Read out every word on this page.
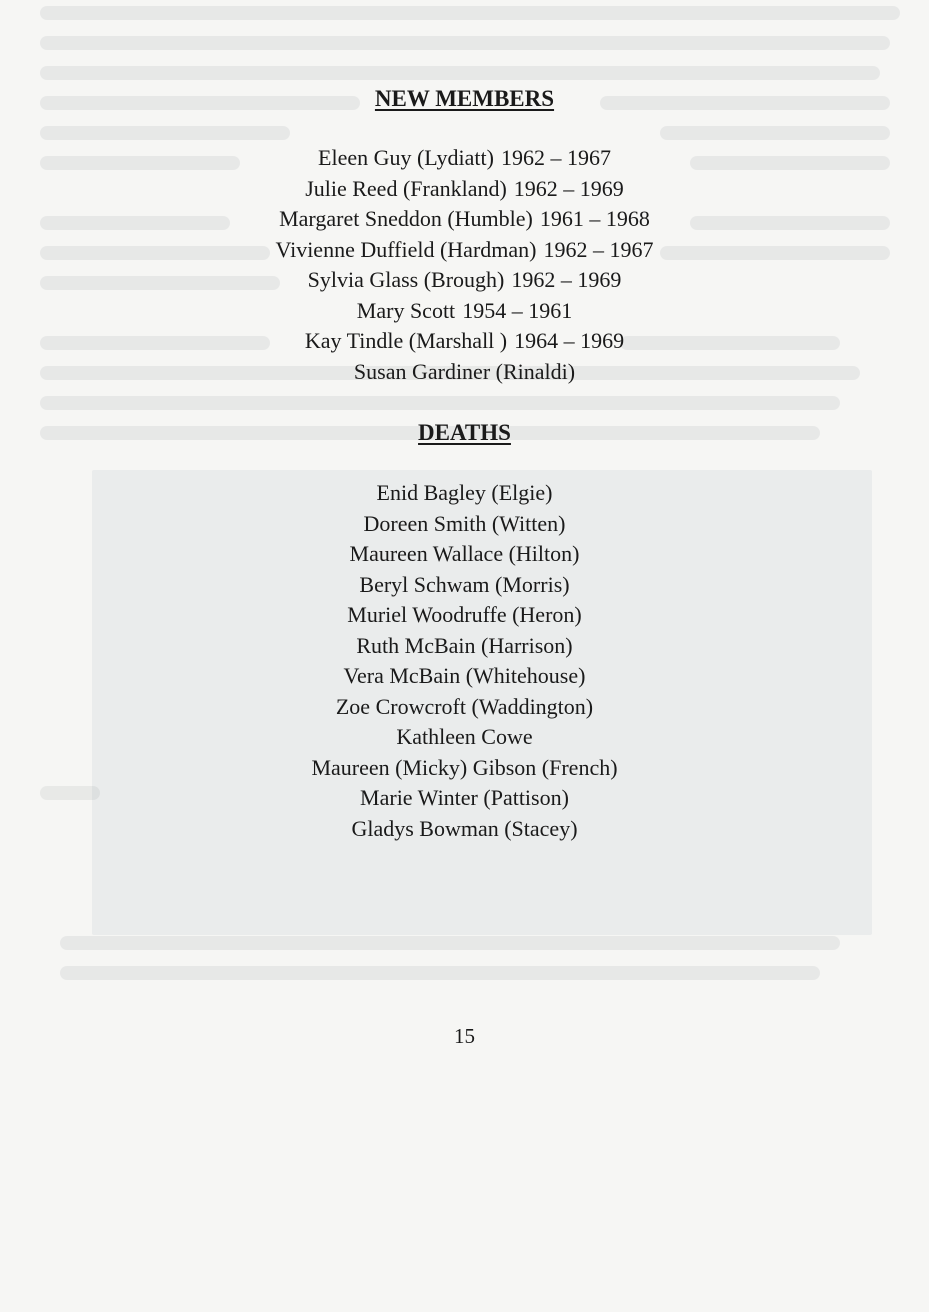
NEW MEMBERS
Eleen Guy (Lydiatt) 1962 – 1967
Julie Reed (Frankland) 1962 – 1969
Margaret Sneddon (Humble) 1961 – 1968
Vivienne Duffield (Hardman) 1962 – 1967
Sylvia Glass (Brough) 1962 – 1969
Mary Scott 1954 – 1961
Kay Tindle (Marshall ) 1964 – 1969
Susan Gardiner (Rinaldi)
DEATHS
Enid Bagley (Elgie)
Doreen Smith (Witten)
Maureen Wallace (Hilton)
Beryl Schwam (Morris)
Muriel Woodruffe (Heron)
Ruth McBain (Harrison)
Vera McBain (Whitehouse)
Zoe Crowcroft (Waddington)
Kathleen Cowe
Maureen (Micky) Gibson (French)
Marie Winter (Pattison)
Gladys Bowman (Stacey)
15
